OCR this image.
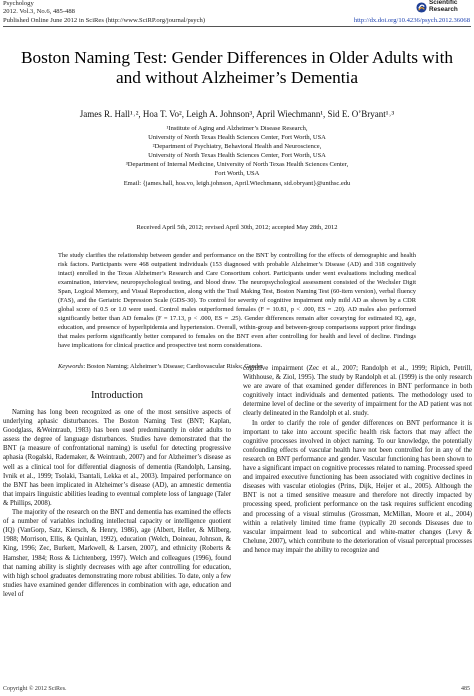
Psychology
2012. Vol.3, No.6, 485-488
Published Online June 2012 in SciRes (http://www.SciRP.org/journal/psych)
Scientific
Research
http://dx.doi.org/10.4236/psych.2012.36068
Boston Naming Test: Gender Differences in Older Adults with
and without Alzheimer’s Dementia
James R. Hall¹˒², Hoa T. Vo², Leigh A. Johnson³, April Wiechmann¹, Sid E. O’Bryant¹˒³
¹Institute of Aging and Alzheimer’s Disease Research,
University of North Texas Health Sciences Center, Fort Worth, USA
²Department of Psychiatry, Behavioral Health and Neuroscience,
University of North Texas Health Sciences Center, Fort Worth, USA
³Department of Internal Medicine, University of North Texas Health Sciences Center,
Fort Worth, USA
Email: {james.hall, hoa.vo, leigh.johnson, April.Wiechmann, sid.obryant}@unthsc.edu
Received April 5th, 2012; revised April 30th, 2012; accepted May 28th, 2012

The study clarifies the relationship between gender and performance on the BNT by controlling for the effects of demographic and health risk factors. Participants were 468 outpatient individuals (153 diagnosed with probable Alzheimer’s Disease (AD) and 318 cognitively intact) enrolled in the Texas Alzheimer’s Research and Care Consortium cohort. Participants under went evaluations including medical examination, interview, neuropsychological testing, and blood draw. The neuropsychological assessment consisted of the Wechsler Digit Span, Logical Memory, and Visual Reproduction, along with the Trail Making Test, Boston Naming Test (60-item version), verbal fluency (FAS), and the Geriatric Depression Scale (GDS-30). To control for severity of cognitive impairment only mild AD as shown by a CDR global score of 0.5 or 1.0 were used. Control males outperformed females (F = 10.81, p < .000, ES = .20). AD males also performed significantly better than AD females (F = 17.13, p < .000, ES = .25). Gender differences remain after covarying for estimated IQ, age, education, and presence of hyperlipidemia and hypertension. Overall, within-group and between-group comparisons support prior findings that males perform significantly better compared to females on the BNT even after controlling for health and level of decline. Findings have implications for clinical practice and prospective test norm considerations.

Keywords: Boston Naming; Alzheimer’s Disease; Cardiovascular Risks; Gender
Introduction

Naming has long been recognized as one of the most sensitive aspects of underlying aphasic disturbances. The Boston Naming Test (BNT; Kaplan, Goodglass, &Weintraub, 1983) has been used predominantly in older adults to assess the degree of language disturbances. Studies have demonstrated that the BNT (a measure of confrontational naming) is useful for detecting progressive aphasia (Rogalski, Rademaker, & Weintraub, 2007) and for Alzheimer’s disease as well as a clinical tool for differential diagnosis of dementia (Randolph, Lansing, Ivnik et al., 1999; Tsolaki, Tsantali, Lekka et al., 2003). Impaired performance on the BNT has been implicated in Alzheimer’s disease (AD), an amnestic dementia that impairs linguistic abilities leading to eventual complete loss of language (Taler & Phillips, 2008).

The majority of the research on the BNT and dementia has examined the effects of a number of variables including intellectual capacity or intelligence quotient (IQ) (VanGorp, Satz, Kiersch, & Henry, 1986), age (Albert, Heller, & Milberg, 1988; Morrison, Ellis, & Quinlan, 1992), education (Welch, Doineau, Johnson, & King, 1996; Zec, Burkett, Markwell, & Larsen, 2007), and ethnicity (Roberts & Hamsher, 1984; Ross & Lichtenberg, 1997). Welch and colleagues (1996), found that naming ability is slightly decreases with age after controlling for education, with high school graduates demonstrating more robust abilities. To date, only a few studies have examined gender differences in combination with age, education and level of

cognitive impairment (Zec et al., 2007; Randolph et al., 1999; Ripich, Petrill, Withhouse, & Ziol, 1995). The study by Randolph et al. (1999) is the only research we are aware of that examined gender differences in BNT performance in both cognitively intact individuals and demented patients. The methodology used to determine level of decline or the severity of impairment for the AD patient was not clearly delineated in the Randolph et al. study.

In order to clarify the role of gender differences on BNT performance it is important to take into account specific health risk factors that may affect the cognitive processes involved in object naming. To our knowledge, the potentially confounding effects of vascular health have not been controlled for in any of the research on BNT performance and gender. Vascular functioning has been shown to have a significant impact on cognitive processes related to naming. Processed speed and impaired executive functioning has been associated with cognitive declines in diseases with vascular etiologies (Prins, Dijk, Heijer et al., 2005). Although the BNT is not a timed sensitive measure and therefore not directly impacted by processing speed, proficient performance on the task requires sufficient encoding and processing of a visual stimulus (Grossman, McMillan, Moore et al., 2004) within a relatively limited time frame (typically 20 seconds Diseases due to vascular impairment lead to subcortical and white-matter changes (Levy & Chelune, 2007), which contribute to the deterioration of visual perceptual processes and hence may impair the ability to recognize and

Copyright © 2012 SciRes.	485
